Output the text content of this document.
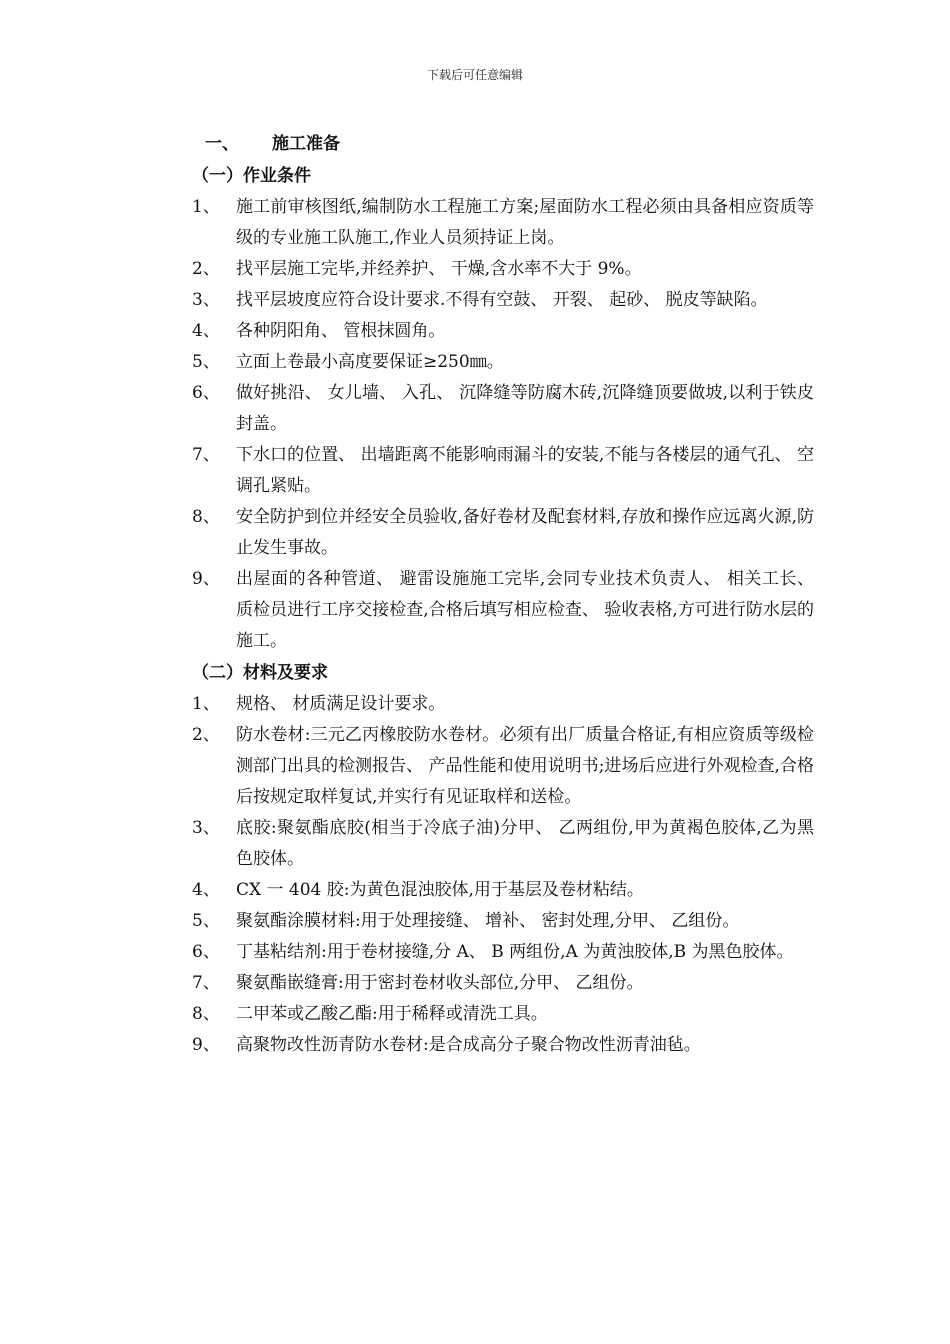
下载后可任意编辑
一、 施工准备
（一）作业条件
1、 施工前审核图纸,编制防水工程施工方案;屋面防水工程必须由具备相应资质等级的专业施工队施工,作业人员须持证上岗。
2、 找平层施工完毕,并经养护、 干燥,含水率不大于 9%。
3、 找平层坡度应符合设计要求.不得有空鼓、 开裂、 起砂、 脱皮等缺陷。
4、 各种阴阳角、 管根抹圆角。
5、 立面上卷最小高度要保证≥250㎜。
6、 做好挑沿、 女儿墙、 入孔、 沉降缝等防腐木砖,沉降缝顶要做坡,以利于铁皮封盖。
7、 下水口的位置、 出墙距离不能影响雨漏斗的安装,不能与各楼层的通气孔、 空调孔紧贴。
8、 安全防护到位并经安全员验收,备好卷材及配套材料,存放和操作应远离火源,防止发生事故。
9、 出屋面的各种管道、 避雷设施施工完毕,会同专业技术负责人、 相关工长、 质检员进行工序交接检查,合格后填写相应检查、 验收表格,方可进行防水层的施工。
（二）材料及要求
1、 规格、 材质满足设计要求。
2、 防水卷材:三元乙丙橡胶防水卷材。必须有出厂质量合格证,有相应资质等级检测部门出具的检测报告、 产品性能和使用说明书;进场后应进行外观检查,合格后按规定取样复试,并实行有见证取样和送检。
3、 底胶:聚氨酯底胶(相当于冷底子油)分甲、 乙两组份,甲为黄褐色胶体,乙为黑色胶体。
4、 CX 一 404 胶:为黄色混浊胶体,用于基层及卷材粘结。
5、 聚氨酯涂膜材料:用于处理接缝、 增补、 密封处理,分甲、 乙组份。
6、 丁基粘结剂:用于卷材接缝,分 A、 B 两组份,A 为黄浊胶体,B 为黑色胶体。
7、 聚氨酯嵌缝膏:用于密封卷材收头部位,分甲、 乙组份。
8、 二甲苯或乙酸乙酯:用于稀释或清洗工具。
9、 高聚物改性沥青防水卷材:是合成高分子聚合物改性沥青油毡。
